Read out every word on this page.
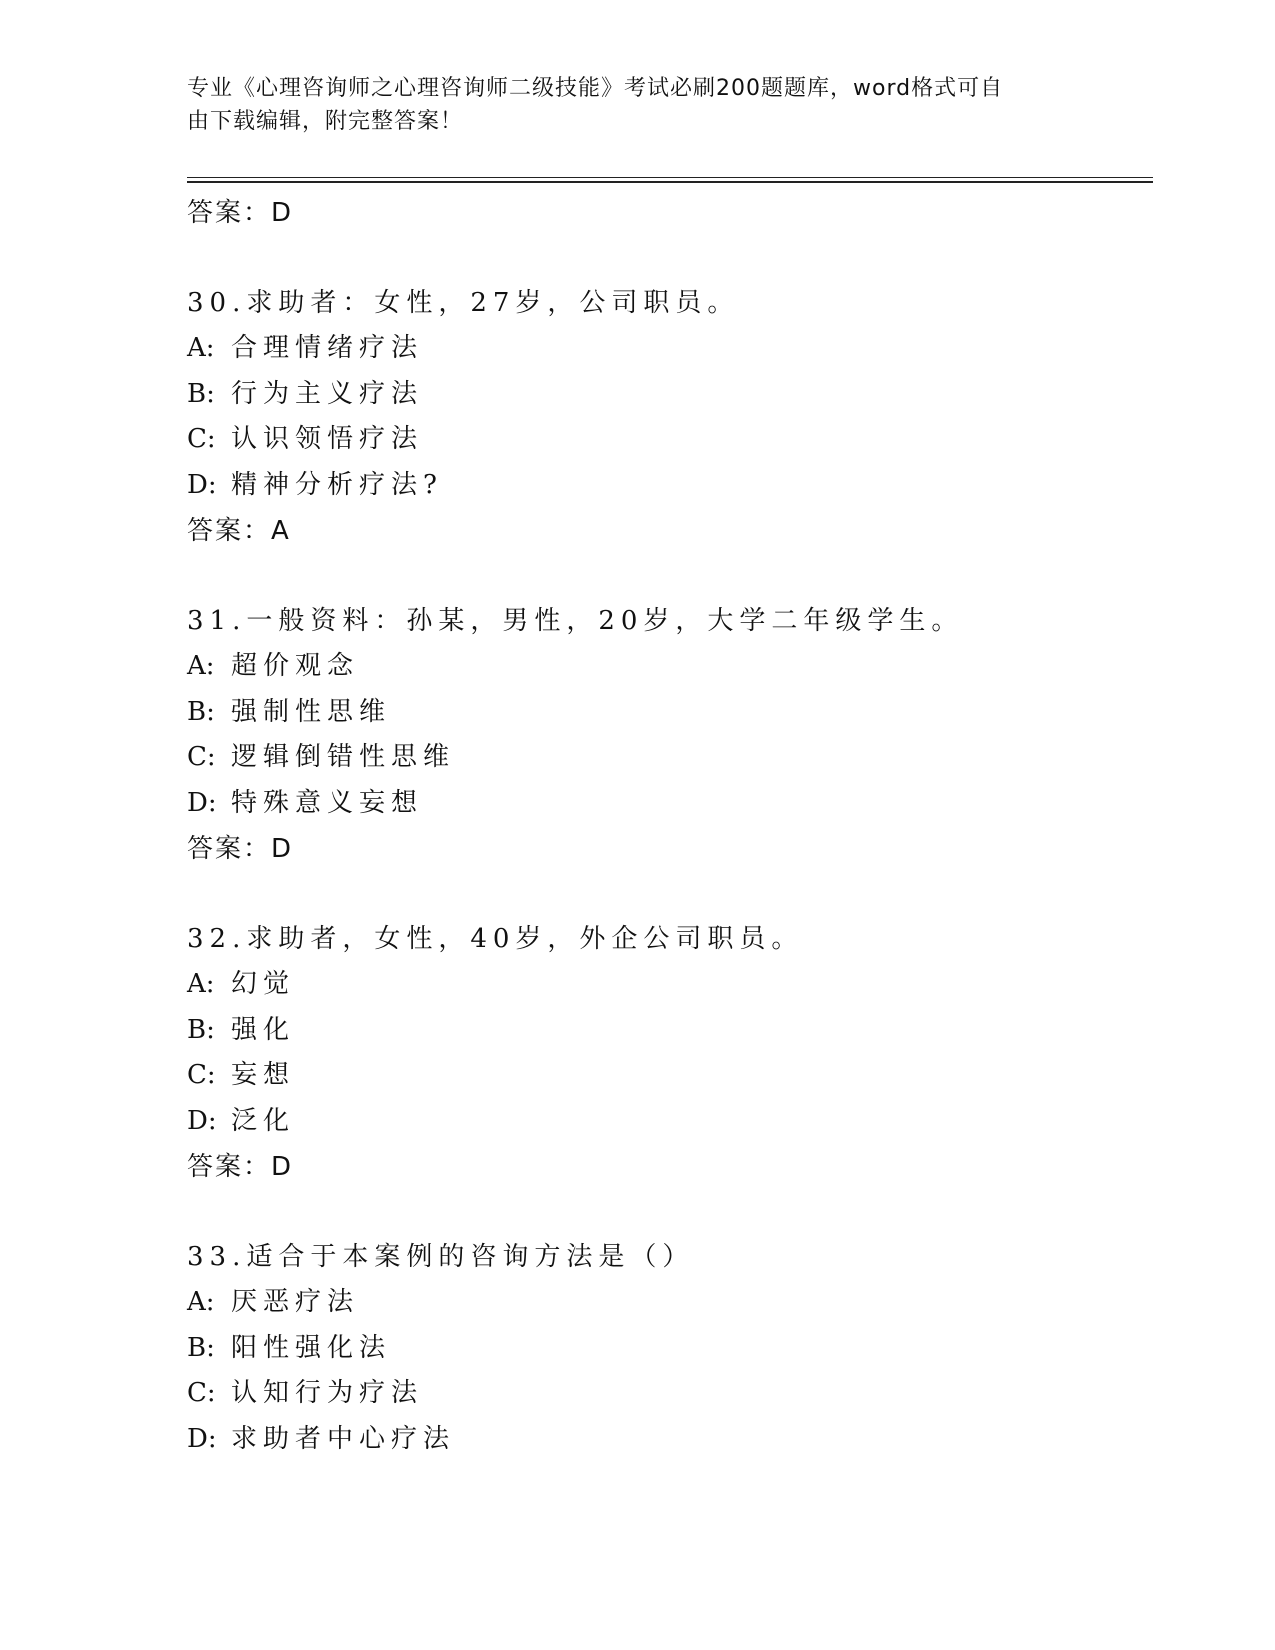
专业《心理咨询师之心理咨询师二级技能》考试必刷200题题库，word格式可自
由下载编辑，附完整答案！
答案：D
30.求助者：女性，27岁，公司职员。
A: 合理情绪疗法
B: 行为主义疗法
C: 认识领悟疗法
D: 精神分析疗法?
答案：A
31.一般资料：孙某，男性，20岁，大学二年级学生。
A: 超价观念
B: 强制性思维
C: 逻辑倒错性思维
D: 特殊意义妄想
答案：D
32.求助者，女性，40岁，外企公司职员。
A: 幻觉
B: 强化
C: 妄想
D: 泛化
答案：D
33.适合于本案例的咨询方法是（）
A: 厌恶疗法
B: 阳性强化法
C: 认知行为疗法
D: 求助者中心疗法
